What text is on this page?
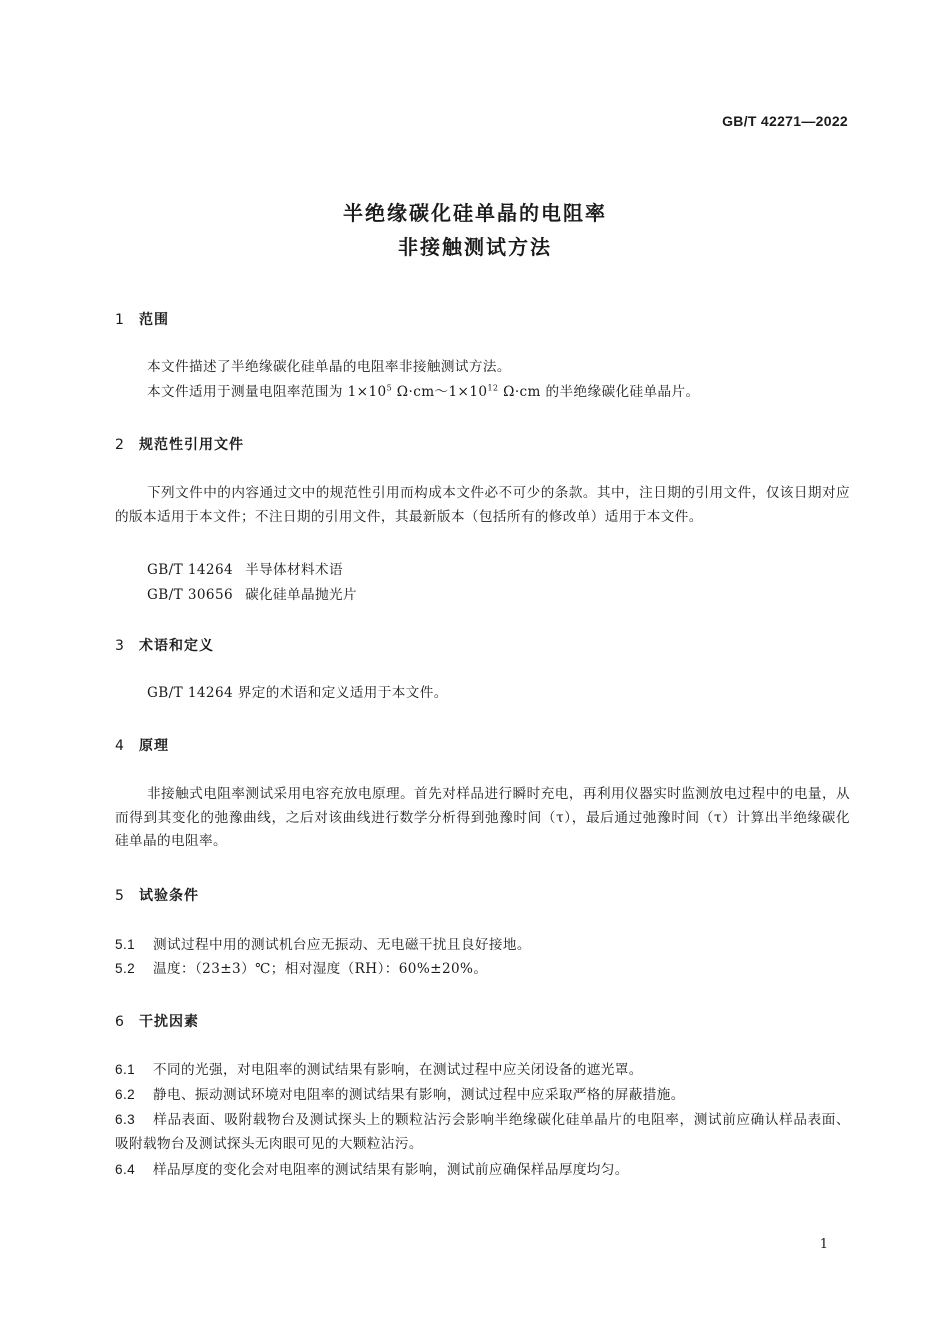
GB/T 42271—2022
半绝缘碳化硅单晶的电阻率
非接触测试方法
1 范围
本文件描述了半绝缘碳化硅单晶的电阻率非接触测试方法。
本文件适用于测量电阻率范围为 $1\times 10^5$ $\Omega\cdot cm\sim 1\times 10^{12}$ Ω·cm 的半绝缘碳化硅单晶片。
2 规范性引用文件
下列文件中的内容通过文中的规范性引用而构成本文件必不可少的条款。其中，注日期的引用文件，仅该日期对应的版本适用于本文件；不注日期的引用文件，其最新版本（包括所有的修改单）适用于本文件。
GB/T 14264 半导体材料术语
GB/T 30656 碳化硅单晶抛光片
3 术语和定义
GB/T 14264 界定的术语和定义适用于本文件。
4 原理
非接触式电阻率测试采用电容充放电原理。首先对样品进行瞬时充电，再利用仪器实时监测放电过程中的电量，从而得到其变化的弛豫曲线，之后对该曲线进行数学分析得到弛豫时间（τ），最后通过弛豫时间（τ）计算出半绝缘碳化硅单晶的电阻率。
5 试验条件
5.1 测试过程中用的测试机台应无振动、无电磁干扰且良好接地。
5.2 温度：（23±3）℃；相对湿度（RH）：60%±20%。
6 干扰因素
6.1 不同的光强，对电阻率的测试结果有影响，在测试过程中应关闭设备的遮光罩。
6.2 静电、振动测试环境对电阻率的测试结果有影响，测试过程中应采取严格的屏蔽措施。
6.3 样品表面、吸附载物台及测试探头上的颗粒沾污会影响半绝缘碳化硅单晶片的电阻率，测试前应确认样品表面、吸附载物台及测试探头无肉眼可见的大颗粒沾污。
6.4 样品厚度的变化会对电阻率的测试结果有影响，测试前应确保样品厚度均匀。
1
